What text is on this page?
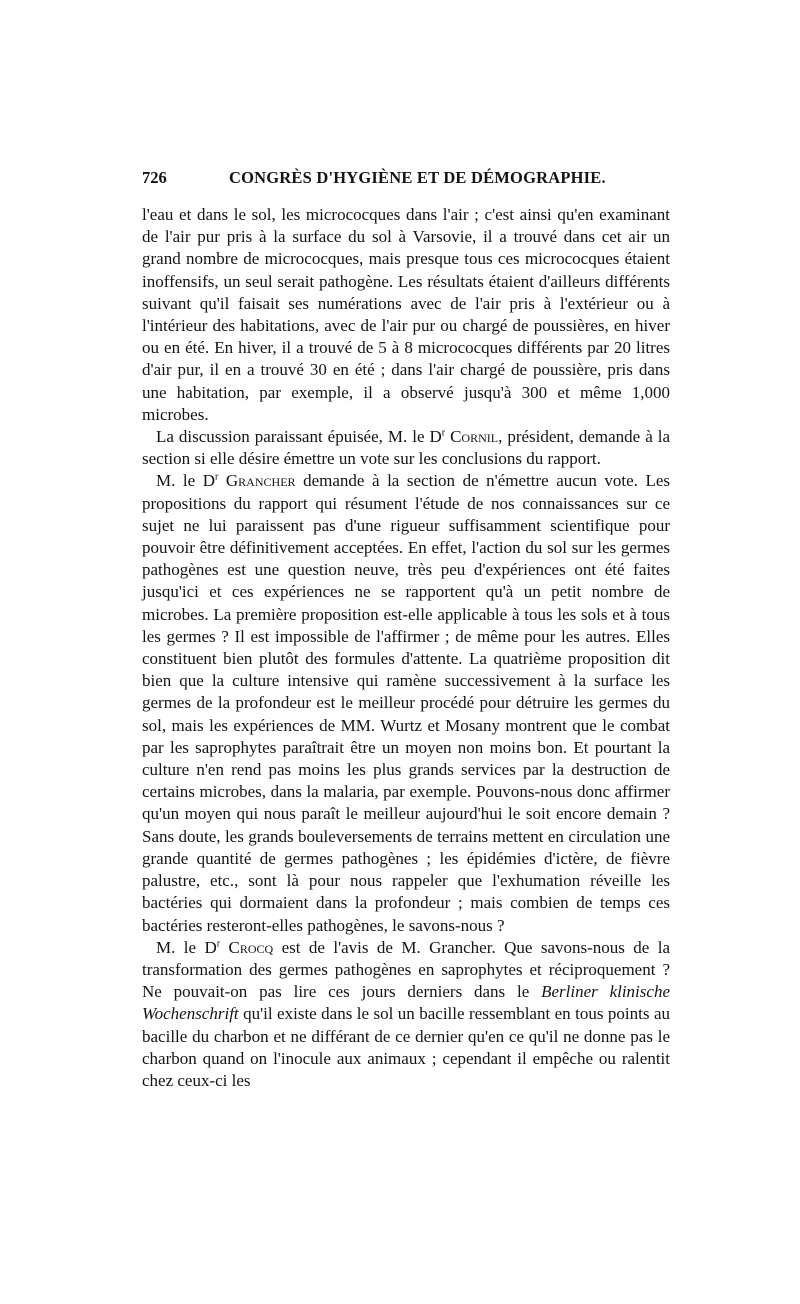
726	CONGRÈS D'HYGIÈNE ET DE DÉMOGRAPHIE.

l'eau et dans le sol, les micrococques dans l'air ; c'est ainsi qu'en examinant de l'air pur pris à la surface du sol à Varsovie, il a trouvé dans cet air un grand nombre de micrococques, mais presque tous ces micrococques étaient inoffensifs, un seul serait pathogène. Les résultats étaient d'ailleurs différents suivant qu'il faisait ses numérations avec de l'air pris à l'extérieur ou à l'intérieur des habitations, avec de l'air pur ou chargé de poussières, en hiver ou en été. En hiver, il a trouvé de 5 à 8 micrococques différents par 20 litres d'air pur, il en a trouvé 30 en été ; dans l'air chargé de poussière, pris dans une habitation, par exemple, il a observé jusqu'à 300 et même 1,000 microbes.

La discussion paraissant épuisée, M. le $D^r$ Cornil, président, demande à la section si elle désire émettre un vote sur les conclusions du rapport.

M. le $D^r$ Grancher demande à la section de n'émettre aucun vote. Les propositions du rapport qui résument l'étude de nos connaissances sur ce sujet ne lui paraissent pas d'une rigueur suffisamment scientifique pour pouvoir être définitivement acceptées. En effet, l'action du sol sur les germes pathogènes est une question neuve, très peu d'expériences ont été faites jusqu'ici et ces expériences ne se rapportent qu'à un petit nombre de microbes. La première proposition est-elle applicable à tous les sols et à tous les germes ? Il est impossible de l'affirmer ; de même pour les autres. Elles constituent bien plutôt des formules d'attente. La quatrième proposition dit bien que la culture intensive qui ramène successivement à la surface les germes de la profondeur est le meilleur procédé pour détruire les germes du sol, mais les expériences de MM. Wurtz et Mosany montrent que le combat par les saprophytes paraîtrait être un moyen non moins bon. Et pourtant la culture n'en rend pas moins les plus grands services par la destruction de certains microbes, dans la malaria, par exemple. Pouvons-nous donc affirmer qu'un moyen qui nous paraît le meilleur aujourd'hui le soit encore demain ? Sans doute, les grands bouleversements de terrains mettent en circulation une grande quantité de germes pathogènes ; les épidémies d'ictère, de fièvre palustre, etc., sont là pour nous rappeler que l'exhumation réveille les bactéries qui dormaient dans la profondeur ; mais combien de temps ces bactéries resteront-elles pathogènes, le savons-nous ?

M. le $D^r$ Crocq est de l'avis de M. Grancher. Que savons-nous de la transformation des germes pathogènes en saprophytes et réciproquement ? Ne pouvait-on pas lire ces jours derniers dans le Berliner klinische Wochenschrift qu'il existe dans le sol un bacille ressemblant en tous points au bacille du charbon et ne différant de ce dernier qu'en ce qu'il ne donne pas le charbon quand on l'inocule aux animaux ; cependant il empêche ou ralentit chez ceux-ci les
